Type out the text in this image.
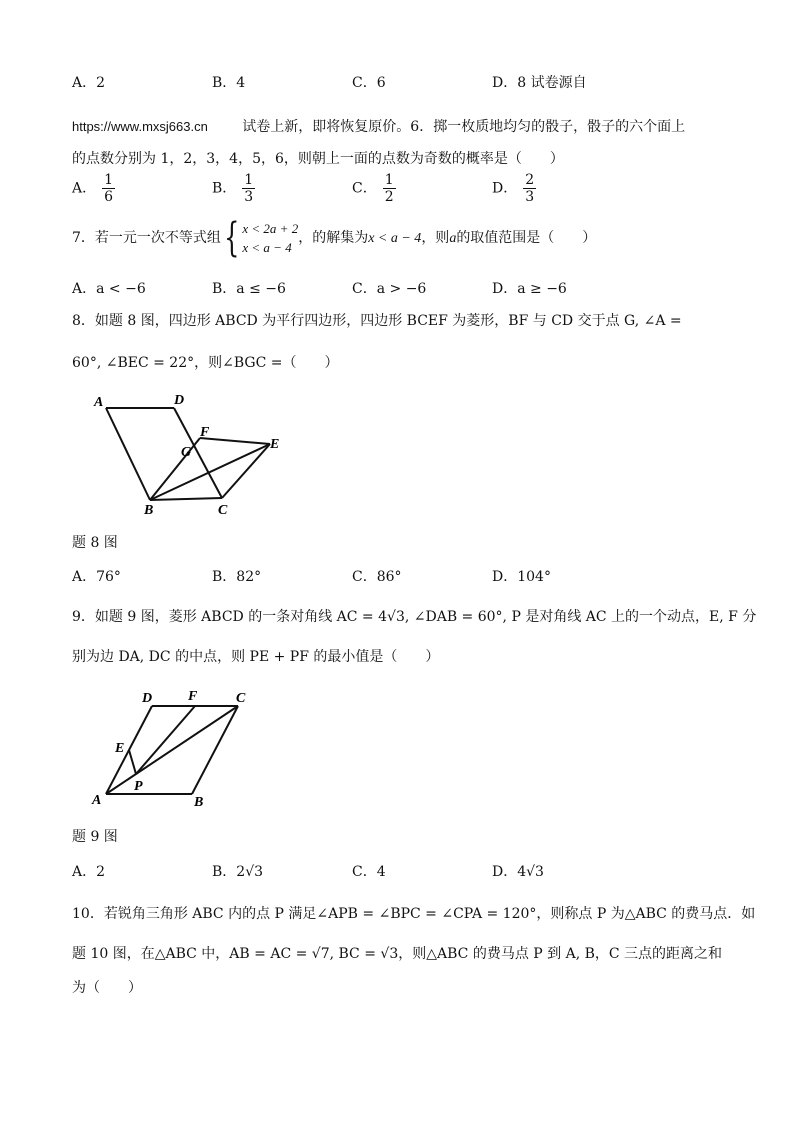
A．2	B．4	C．6	D．8 试卷源自
https://www.mxsj663.cn 试卷上新，即将恢复原价。6．掷一枚质地均匀的骰子，骰子的六个面上
的点数分别为 1，2，3，4，5，6，则朝上一面的点数为奇数的概率是（　　）
A． $\frac{1}{6}$	B． $\frac{1}{3}$	C． $\frac{1}{2}$	D． $\frac{2}{3}$
7．若一元一次不等式组{ x < 2a + 2
x < a − 4
，的解集为x < a − 4，则a的取值范围是（　　）
A．a < −6	B．a ≤ −6	C．a > −6	D．a ≥ −6
8．如题 8 图，四边形 ABCD 为平行四边形，四边形 BCEF 为菱形，BF 与 CD 交于点 G, ∠A =
60°, ∠BEC = 22°，则∠BGC =（　　）
A	D
F
G
E
B	C
题 8 图
A．76°	B．82°	C．86°	D．104°
9．如题 9 图，菱形 ABCD 的一条对角线 AC = 4√3, ∠DAB = 60°, P 是对角线 AC 上的一个动点，E, F 分
别为边 DA, DC 的中点，则 PE + PF 的最小值是（　　）
D	F	C
E
P
A	B
题 9 图
A．2	B．2√3	C．4	D．4√3
10．若锐角三角形 ABC 内的点 P 满足∠APB = ∠BPC = ∠CPA = 120°，则称点 P 为△ABC 的费马点．如
题 10 图，在△ABC 中，AB = AC = √7, BC = √3，则△ABC 的费马点 P 到 A, B，C 三点的距离之和
为（　　）
